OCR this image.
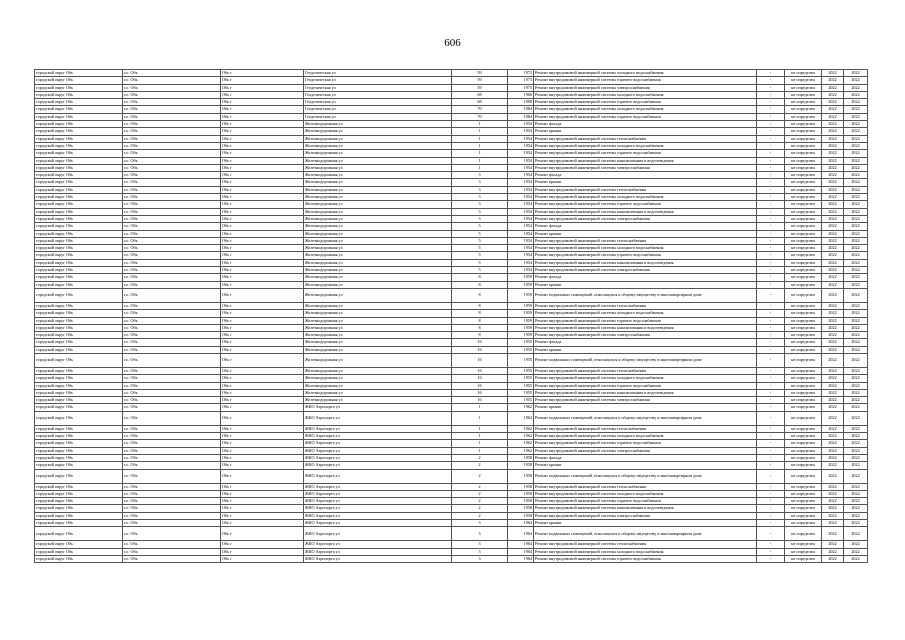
606
городской округ Обь	г.о. Обь	Обь г	Геодезическая ул	59	1973	Ремонт внутридомовой инженерной системы холодного водоснабжения	-	не определен	2022	2022
городской округ Обь	г.о. Обь	Обь г	Геодезическая ул	59	1973	Ремонт внутридомовой инженерной системы горячего водоснабжения	-	не определен	2022	2022
городской округ Обь	г.о. Обь	Обь г	Геодезическая ул	59	1973	Ремонт внутридомовой инженерной системы электроснабжения	-	не определен	2022	2022
городской округ Обь	г.о. Обь	Обь г	Геодезическая ул	68	1966	Ремонт внутридомовой инженерной системы холодного водоснабжения	-	не определен	2022	2022
городской округ Обь	г.о. Обь	Обь г	Геодезическая ул	68	1980	Ремонт внутридомовой инженерной системы горячего водоснабжения	-	не определен	2022	2022
городской округ Обь	г.о. Обь	Обь г	Геодезическая ул	70	1984	Ремонт внутридомовой инженерной системы холодного водоснабжения	-	не определен	2022	2022
городской округ Обь	г.о. Обь	Обь г	Геодезическая ул	70	1984	Ремонт внутридомовой инженерной системы горячего водоснабжения	-	не определен	2022	2022
городской округ Обь	г.о. Обь	Обь г	Железнодорожная ул	1	1954	Ремонт фасада	-	не определен	2022	2022
городской округ Обь	г.о. Обь	Обь г	Железнодорожная ул	1	1954	Ремонт крыши	-	не определен	2022	2022
городской округ Обь	г.о. Обь	Обь г	Железнодорожная ул	1	1954	Ремонт внутридомовой инженерной системы теплоснабжения	-	не определен	2022	2022
городской округ Обь	г.о. Обь	Обь г	Железнодорожная ул	1	1954	Ремонт внутридомовой инженерной системы холодного водоснабжения	-	не определен	2022	2022
городской округ Обь	г.о. Обь	Обь г	Железнодорожная ул	1	1954	Ремонт внутридомовой инженерной системы горячего водоснабжения	-	не определен	2022	2022
городской округ Обь	г.о. Обь	Обь г	Железнодорожная ул	1	1954	Ремонт внутридомовой инженерной системы канализования и водоотведения	-	не определен	2022	2022
городской округ Обь	г.о. Обь	Обь г	Железнодорожная ул	1	1954	Ремонт внутридомовой инженерной системы электроснабжения	-	не определен	2022	2022
городской округ Обь	г.о. Обь	Обь г	Железнодорожная ул	3	1954	Ремонт фасада	-	не определен	2022	2022
городской округ Обь	г.о. Обь	Обь г	Железнодорожная ул	3	1954	Ремонт крыши	-	не определен	2022	2022
городской округ Обь	г.о. Обь	Обь г	Железнодорожная ул	3	1954	Ремонт внутридомовой инженерной системы теплоснабжения	-	не определен	2022	2022
городской округ Обь	г.о. Обь	Обь г	Железнодорожная ул	3	1954	Ремонт внутридомовой инженерной системы холодного водоснабжения	-	не определен	2022	2022
городской округ Обь	г.о. Обь	Обь г	Железнодорожная ул	3	1954	Ремонт внутридомовой инженерной системы горячего водоснабжения	-	не определен	2022	2022
городской округ Обь	г.о. Обь	Обь г	Железнодорожная ул	3	1954	Ремонт внутридомовой инженерной системы канализования и водоотведения	-	не определен	2022	2022
городской округ Обь	г.о. Обь	Обь г	Железнодорожная ул	3	1954	Ремонт внутридомовой инженерной системы электроснабжения	-	не определен	2022	2022
городской округ Обь	г.о. Обь	Обь г	Железнодорожная ул	5	1954	Ремонт фасада	-	не определен	2022	2022
городской округ Обь	г.о. Обь	Обь г	Железнодорожная ул	5	1954	Ремонт крыши	-	не определен	2022	2022
городской округ Обь	г.о. Обь	Обь г	Железнодорожная ул	5	1954	Ремонт внутридомовой инженерной системы теплоснабжения	-	не определен	2022	2022
городской округ Обь	г.о. Обь	Обь г	Железнодорожная ул	5	1954	Ремонт внутридомовой инженерной системы холодного водоснабжения	-	не определен	2022	2022
городской округ Обь	г.о. Обь	Обь г	Железнодорожная ул	5	1954	Ремонт внутридомовой инженерной системы горячего водоснабжения	-	не определен	2022	2022
городской округ Обь	г.о. Обь	Обь г	Железнодорожная ул	5	1954	Ремонт внутридомовой инженерной системы канализования и водоотведения	-	не определен	2022	2022
городской округ Обь	г.о. Обь	Обь г	Железнодорожная ул	5	1954	Ремонт внутридомовой инженерной системы электроснабжения	-	не определен	2022	2022
городской округ Обь	г.о. Обь	Обь г	Железнодорожная ул	8	1959	Ремонт фасада	-	не определен	2022	2022
городской округ Обь	г.о. Обь	Обь г	Железнодорожная ул	8	1959	Ремонт крыши	-	не определен	2022	2022
городской округ Обь	г.о. Обь	Обь г	Железнодорожная ул	8	1959	Ремонт подвальных помещений, относящихся к общему имуществу в многоквартирном доме	-	не определен	2022	2022
городской округ Обь	г.о. Обь	Обь г	Железнодорожная ул	8	1959	Ремонт внутридомовой инженерной системы теплоснабжения	-	не определен	2022	2022
городской округ Обь	г.о. Обь	Обь г	Железнодорожная ул	8	1959	Ремонт внутридомовой инженерной системы холодного водоснабжения	-	не определен	2022	2022
городской округ Обь	г.о. Обь	Обь г	Железнодорожная ул	8	1959	Ремонт внутридомовой инженерной системы горячего водоснабжения	-	не определен	2022	2022
городской округ Обь	г.о. Обь	Обь г	Железнодорожная ул	8	1959	Ремонт внутридомовой инженерной системы канализования и водоотведения	-	не определен	2022	2022
городской округ Обь	г.о. Обь	Обь г	Железнодорожная ул	8	1959	Ремонт внутридомовой инженерной системы электроснабжения	-	не определен	2022	2022
городской округ Обь	г.о. Обь	Обь г	Железнодорожная ул	16	1955	Ремонт фасада	-	не определен	2022	2022
городской округ Обь	г.о. Обь	Обь г	Железнодорожная ул	16	1955	Ремонт крыши	-	не определен	2022	2022
городской округ Обь	г.о. Обь	Обь г	Железнодорожная ул	16	1955	Ремонт подвальных помещений, относящихся к общему имуществу в многоквартирном доме	-	не определен	2022	2022
городской округ Обь	г.о. Обь	Обь г	Железнодорожная ул	16	1955	Ремонт внутридомовой инженерной системы теплоснабжения	-	не определен	2022	2022
городской округ Обь	г.о. Обь	Обь г	Железнодорожная ул	16	1955	Ремонт внутридомовой инженерной системы холодного водоснабжения	-	не определен	2022	2022
городской округ Обь	г.о. Обь	Обь г	Железнодорожная ул	16	1955	Ремонт внутридомовой инженерной системы горячего водоснабжения	-	не определен	2022	2022
городской округ Обь	г.о. Обь	Обь г	Железнодорожная ул	16	1955	Ремонт внутридомовой инженерной системы канализования и водоотведения	-	не определен	2022	2022
городской округ Обь	г.о. Обь	Обь г	Железнодорожная ул	16	1955	Ремонт внутридомовой инженерной системы электроснабжения	-	не определен	2022	2022
городской округ Обь	г.о. Обь	Обь г	ЖКО Аэропорта ул	1	1962	Ремонт крыши	-	не определен	2022	2022
городской округ Обь	г.о. Обь	Обь г	ЖКО Аэропорта ул	1	1962	Ремонт подвальных помещений, относящихся к общему имуществу в многоквартирном доме	-	не определен	2022	2022
городской округ Обь	г.о. Обь	Обь г	ЖКО Аэропорта ул	1	1962	Ремонт внутридомовой инженерной системы теплоснабжения	-	не определен	2022	2022
городской округ Обь	г.о. Обь	Обь г	ЖКО Аэропорта ул	1	1962	Ремонт внутридомовой инженерной системы холодного водоснабжения	-	не определен	2022	2022
городской округ Обь	г.о. Обь	Обь г	ЖКО Аэропорта ул	1	1962	Ремонт внутридомовой инженерной системы горячего водоснабжения	-	не определен	2022	2022
городской округ Обь	г.о. Обь	Обь г	ЖКО Аэропорта ул	1	1962	Ремонт внутридомовой инженерной системы электроснабжения	-	не определен	2022	2022
городской округ Обь	г.о. Обь	Обь г	ЖКО Аэропорта ул	2	1958	Ремонт фасада	-	не определен	2022	2022
городской округ Обь	г.о. Обь	Обь г	ЖКО Аэропорта ул	2	1958	Ремонт крыши	-	не определен	2022	2022
городской округ Обь	г.о. Обь	Обь г	ЖКО Аэропорта ул	2	1958	Ремонт подвальных помещений, относящихся к общему имуществу в многоквартирном доме	-	не определен	2022	2022
городской округ Обь	г.о. Обь	Обь г	ЖКО Аэропорта ул	2	1958	Ремонт внутридомовой инженерной системы теплоснабжения	-	не определен	2022	2022
городской округ Обь	г.о. Обь	Обь г	ЖКО Аэропорта ул	2	1958	Ремонт внутридомовой инженерной системы холодного водоснабжения	-	не определен	2022	2022
городской округ Обь	г.о. Обь	Обь г	ЖКО Аэропорта ул	2	1958	Ремонт внутридомовой инженерной системы горячего водоснабжения	-	не определен	2022	2022
городской округ Обь	г.о. Обь	Обь г	ЖКО Аэропорта ул	2	1958	Ремонт внутридомовой инженерной системы канализования и водоотведения	-	не определен	2022	2022
городской округ Обь	г.о. Обь	Обь г	ЖКО Аэропорта ул	2	1958	Ремонт внутридомовой инженерной системы электроснабжения	-	не определен	2022	2022
городской округ Обь	г.о. Обь	Обь г	ЖКО Аэропорта ул	3	1964	Ремонт крыши	-	не определен	2022	2022
городской округ Обь	г.о. Обь	Обь г	ЖКО Аэропорта ул	3	1964	Ремонт подвальных помещений, относящихся к общему имуществу в многоквартирном доме	-	не определен	2022	2022
городской округ Обь	г.о. Обь	Обь г	ЖКО Аэропорта ул	3	1964	Ремонт внутридомовой инженерной системы теплоснабжения	-	не определен	2022	2022
городской округ Обь	г.о. Обь	Обь г	ЖКО Аэропорта ул	3	1964	Ремонт внутридомовой инженерной системы холодного водоснабжения	-	не определен	2022	2022
городской округ Обь	г.о. Обь	Обь г	ЖКО Аэропорта ул	3	1964	Ремонт внутридомовой инженерной системы горячего водоснабжения	-	не определен	2022	2022
